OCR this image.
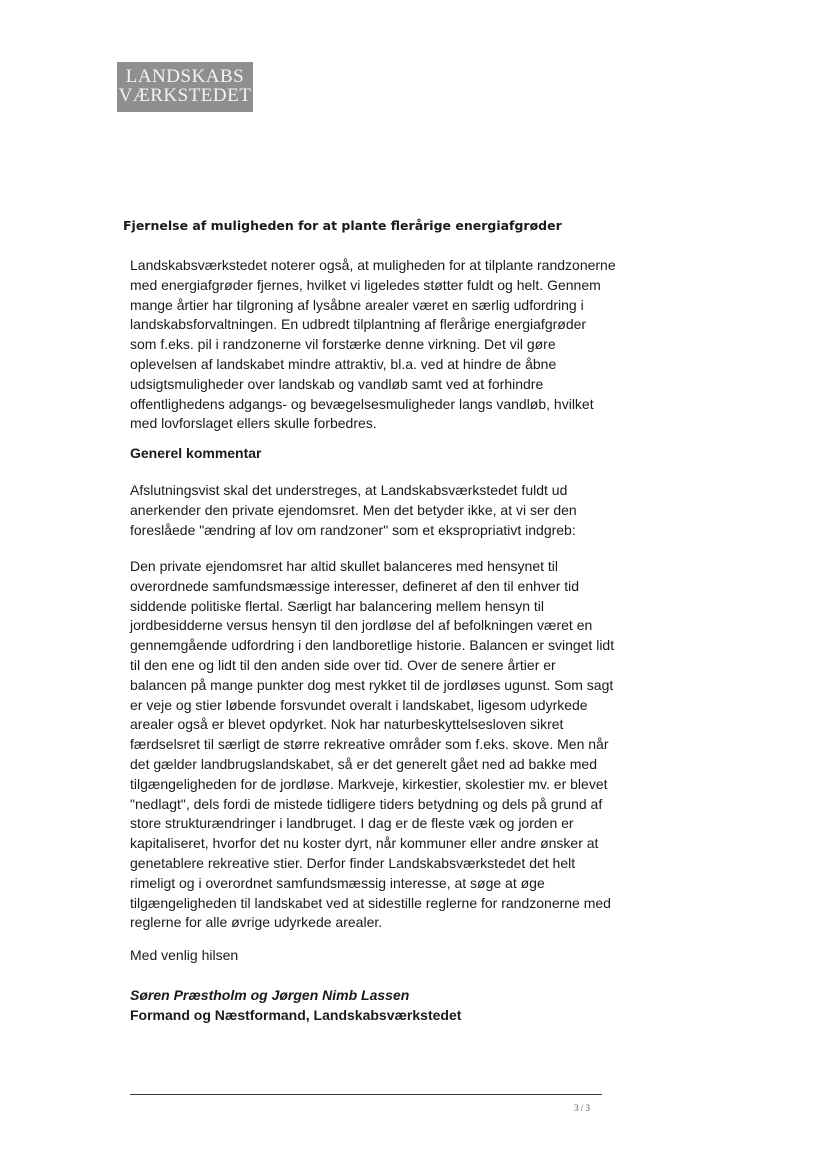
LANDSKABS
VÆRKSTEDET
Fjernelse af muligheden for at plante flerårige energiafgrøder

Landskabsværkstedet noterer også, at muligheden for at tilplante randzonerne
med energiafgrøder fjernes, hvilket vi ligeledes støtter fuldt og helt. Gennem
mange årtier har tilgroning af lysåbne arealer været en særlig udfordring i
landskabsforvaltningen. En udbredt tilplantning af flerårige energiafgrøder
som f.eks. pil i randzonerne vil forstærke denne virkning. Det vil gøre
oplevelsen af landskabet mindre attraktiv, bl.a. ved at hindre de åbne
udsigtsmuligheder over landskab og vandløb samt ved at forhindre
offentlighedens adgangs- og bevægelsesmuligheder langs vandløb, hvilket
med lovforslaget ellers skulle forbedres.

Generel kommentar

Afslutningsvist skal det understreges, at Landskabsværkstedet fuldt ud
anerkender den private ejendomsret. Men det betyder ikke, at vi ser den
foreslåede "ændring af lov om randzoner" som et ekspropriativt indgreb:

Den private ejendomsret har altid skullet balanceres med hensynet til
overordnede samfundsmæssige interesser, defineret af den til enhver tid
siddende politiske flertal. Særligt har balancering mellem hensyn til
jordbesidderne versus hensyn til den jordløse del af befolkningen været en
gennemgående udfordring i den landboretlige historie. Balancen er svinget lidt
til den ene og lidt til den anden side over tid. Over de senere årtier er
balancen på mange punkter dog mest rykket til de jordløses ugunst. Som sagt
er veje og stier løbende forsvundet overalt i landskabet, ligesom udyrkede
arealer også er blevet opdyrket. Nok har naturbeskyttelsesloven sikret
færdselsret til særligt de større rekreative områder som f.eks. skove. Men når
det gælder landbrugslandskabet, så er det generelt gået ned ad bakke med
tilgængeligheden for de jordløse. Markveje, kirkestier, skolestier mv. er blevet
"nedlagt", dels fordi de mistede tidligere tiders betydning og dels på grund af
store strukturændringer i landbruget. I dag er de fleste væk og jorden er
kapitaliseret, hvorfor det nu koster dyrt, når kommuner eller andre ønsker at
genetablere rekreative stier. Derfor finder Landskabsværkstedet det helt
rimeligt og i overordnet samfundsmæssig interesse, at søge at øge
tilgængeligheden til landskabet ved at sidestille reglerne for randzonerne med
reglerne for alle øvrige udyrkede arealer.

Med venlig hilsen
Søren Præstholm og Jørgen Nimb Lassen
Formand og Næstformand, Landskabsværkstedet
3 / 3
